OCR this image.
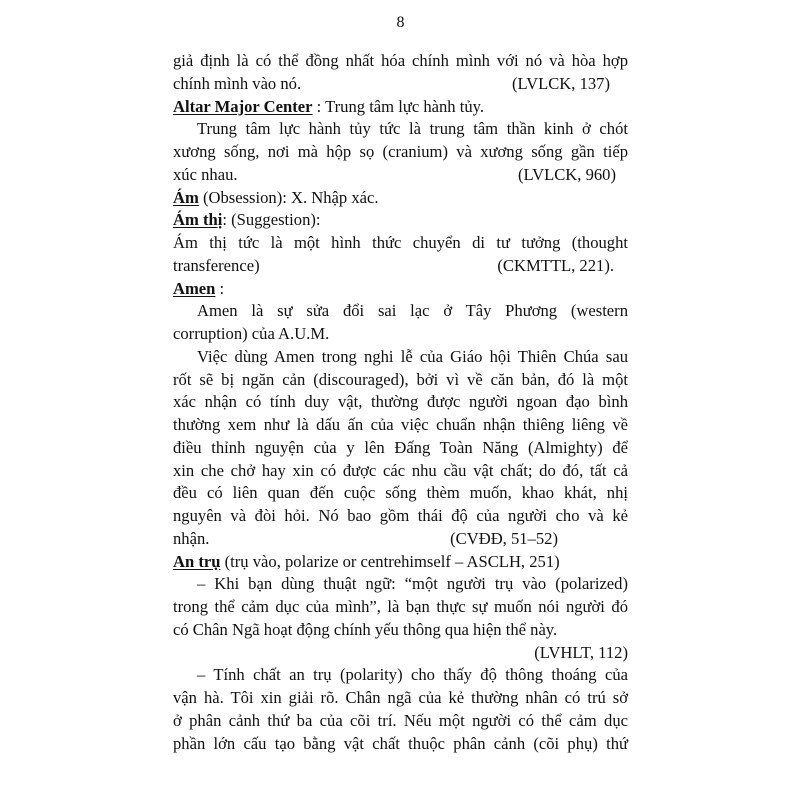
8
giả định là có thể đồng nhất hóa chính mình với nó và hòa hợp
chính mình vào nó.	(LVLCK, 137)
Altar Major Center : Trung tâm lực hành tủy.
Trung tâm lực hành tủy tức là trung tâm thần kinh ở chót
xương sống, nơi mà hộp sọ (cranium) và xương sống gần tiếp
xúc nhau.	(LVLCK, 960)
Ám (Obsession): X. Nhập xác.
Ám thị: (Suggestion):
Ám thị tức là một hình thức chuyển di tư tưởng (thought
transference)	(CKMTTL, 221).
Amen :
Amen là sự sửa đổi sai lạc ở Tây Phương (western
corruption) của A.U.M.
Việc dùng Amen trong nghi lễ của Giáo hội Thiên Chúa sau
rốt sẽ bị ngăn cản (discouraged), bởi vì về căn bản, đó là một
xác nhận có tính duy vật, thường được người ngoan đạo bình
thường xem như là dấu ấn của việc chuẩn nhận thiêng liêng về
điều thỉnh nguyện của y lên Đấng Toàn Năng (Almighty) để
xin che chở hay xin có được các nhu cầu vật chất; do đó, tất cả
đều có liên quan đến cuộc sống thèm muốn, khao khát, nhị
nguyên và đòi hỏi. Nó bao gồm thái độ của người cho và kẻ
nhận.	(CVĐĐ, 51–52)
An trụ (trụ vào, polarize or centrehimself – ASCLH, 251)
– Khi bạn dùng thuật ngữ: “một người trụ vào (polarized)
trong thể cảm dục của mình”, là bạn thực sự muốn nói người đó
có Chân Ngã hoạt động chính yếu thông qua hiện thể này.
(LVHLT, 112)
– Tính chất an trụ (polarity) cho thấy độ thông thoáng của
vận hà. Tôi xin giải rõ. Chân ngã của kẻ thường nhân có trú sở
ở phân cảnh thứ ba của cõi trí. Nếu một người có thể cảm dục
phần lớn cấu tạo bằng vật chất thuộc phân cảnh (cõi phụ) thứ
